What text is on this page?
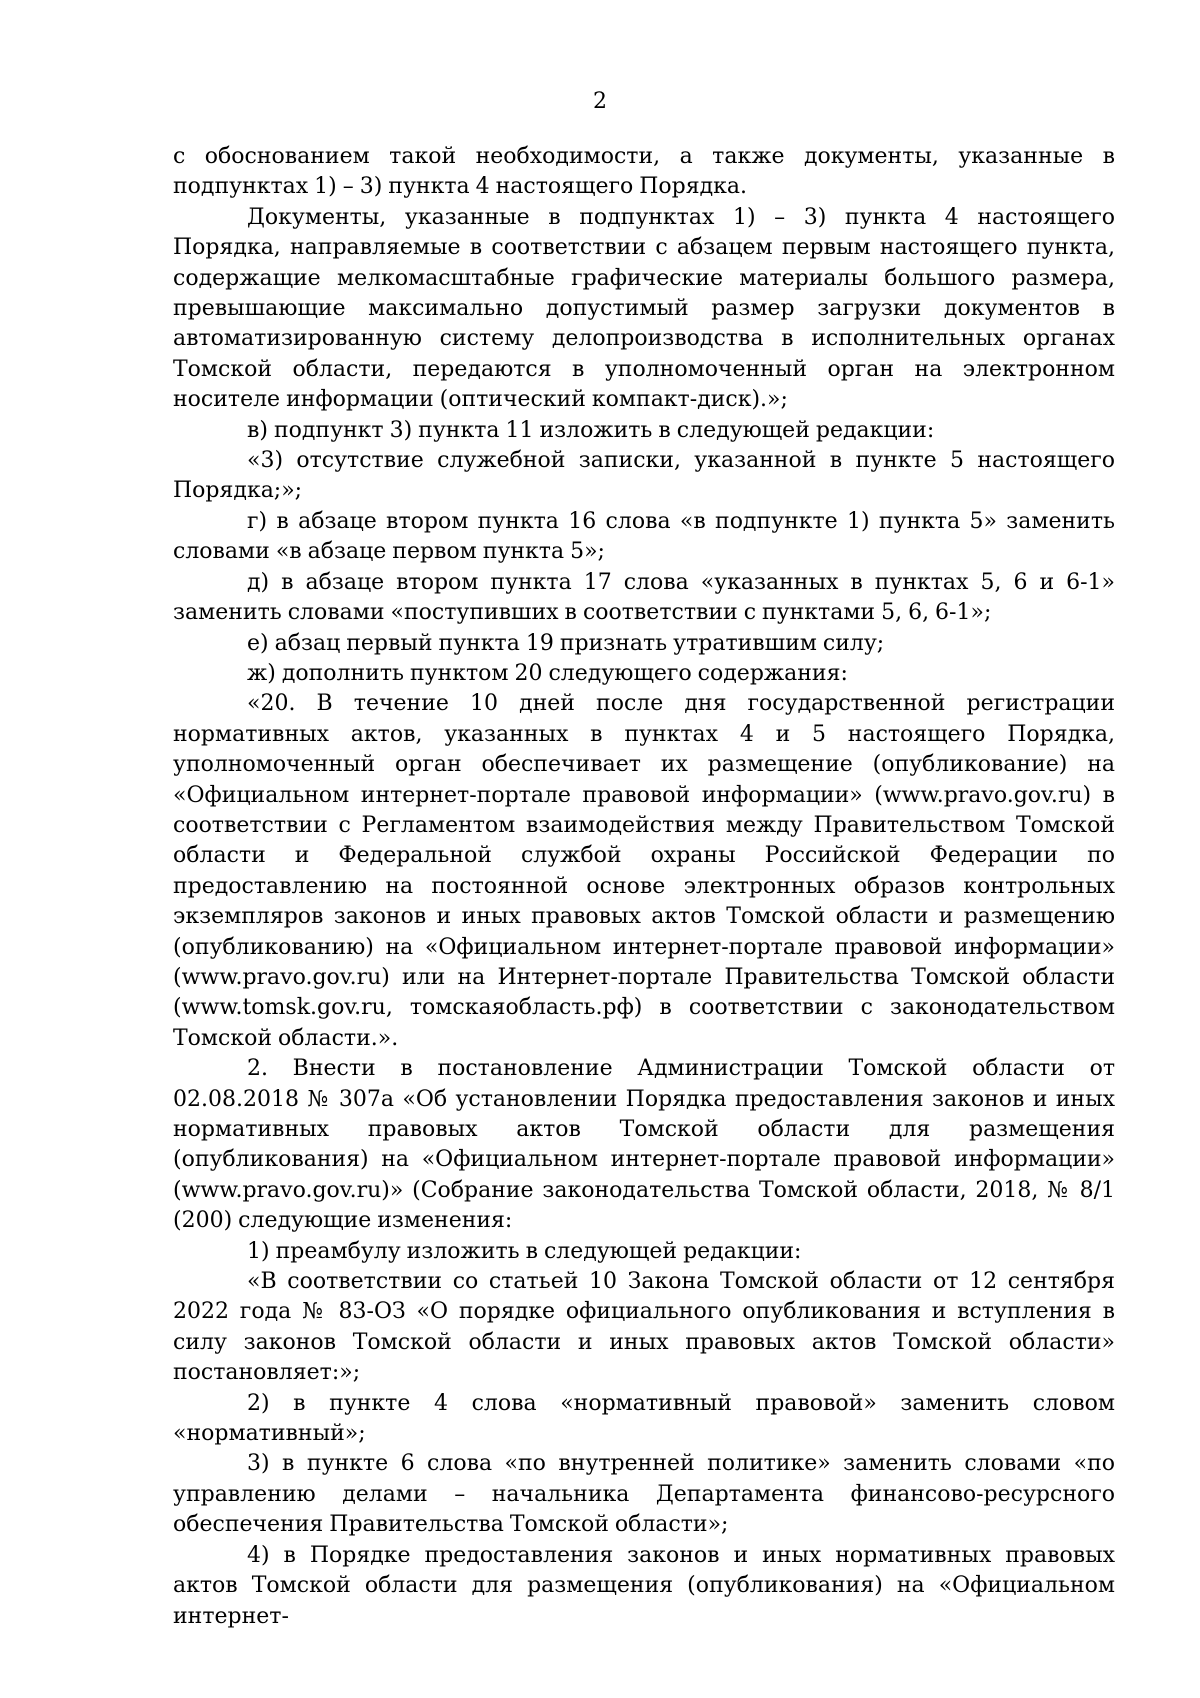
2

с обоснованием такой необходимости, а также документы, указанные в подпунктах 1) – 3) пункта 4 настоящего Порядка.

Документы, указанные в подпунктах 1) – 3) пункта 4 настоящего Порядка, направляемые в соответствии с абзацем первым настоящего пункта, содержащие мелкомасштабные графические материалы большого размера, превышающие максимально допустимый размер загрузки документов в автоматизированную систему делопроизводства в исполнительных органах Томской области, передаются в уполномоченный орган на электронном носителе информации (оптический компакт-диск).»;

в) подпункт 3) пункта 11 изложить в следующей редакции:

«3) отсутствие служебной записки, указанной в пункте 5 настоящего Порядка;»;

г) в абзаце втором пункта 16 слова «в подпункте 1) пункта 5» заменить словами «в абзаце первом пункта 5»;

д) в абзаце втором пункта 17 слова «указанных в пунктах 5, 6 и 6-1» заменить словами «поступивших в соответствии с пунктами 5, 6, 6-1»;

е) абзац первый пункта 19 признать утратившим силу;

ж) дополнить пунктом 20 следующего содержания:

«20. В течение 10 дней после дня государственной регистрации нормативных актов, указанных в пунктах 4 и 5 настоящего Порядка, уполномоченный орган обеспечивает их размещение (опубликование) на «Официальном интернет-портале правовой информации» (www.pravo.gov.ru) в соответствии с Регламентом взаимодействия между Правительством Томской области и Федеральной службой охраны Российской Федерации по предоставлению на постоянной основе электронных образов контрольных экземпляров законов и иных правовых актов Томской области и размещению (опубликованию) на «Официальном интернет-портале правовой информации» (www.pravo.gov.ru) или на Интернет-портале Правительства Томской области (www.tomsk.gov.ru, томскаяобласть.рф) в соответствии с законодательством Томской области.».

2. Внести в постановление Администрации Томской области от 02.08.2018 № 307а «Об установлении Порядка предоставления законов и иных нормативных правовых актов Томской области для размещения (опубликования) на «Официальном интернет-портале правовой информации» (www.pravo.gov.ru)» (Собрание законодательства Томской области, 2018, № 8/1 (200) следующие изменения:

1) преамбулу изложить в следующей редакции:

«В соответствии со статьей 10 Закона Томской области от 12 сентября 2022 года № 83-ОЗ «О порядке официального опубликования и вступления в силу законов Томской области и иных правовых актов Томской области» постановляет:»;

2) в пункте 4 слова «нормативный правовой» заменить словом «нормативный»;

3) в пункте 6 слова «по внутренней политике» заменить словами «по управлению делами – начальника Департамента финансово-ресурсного обеспечения Правительства Томской области»;

4) в Порядке предоставления законов и иных нормативных правовых актов Томской области для размещения (опубликования) на «Официальном интернет-
